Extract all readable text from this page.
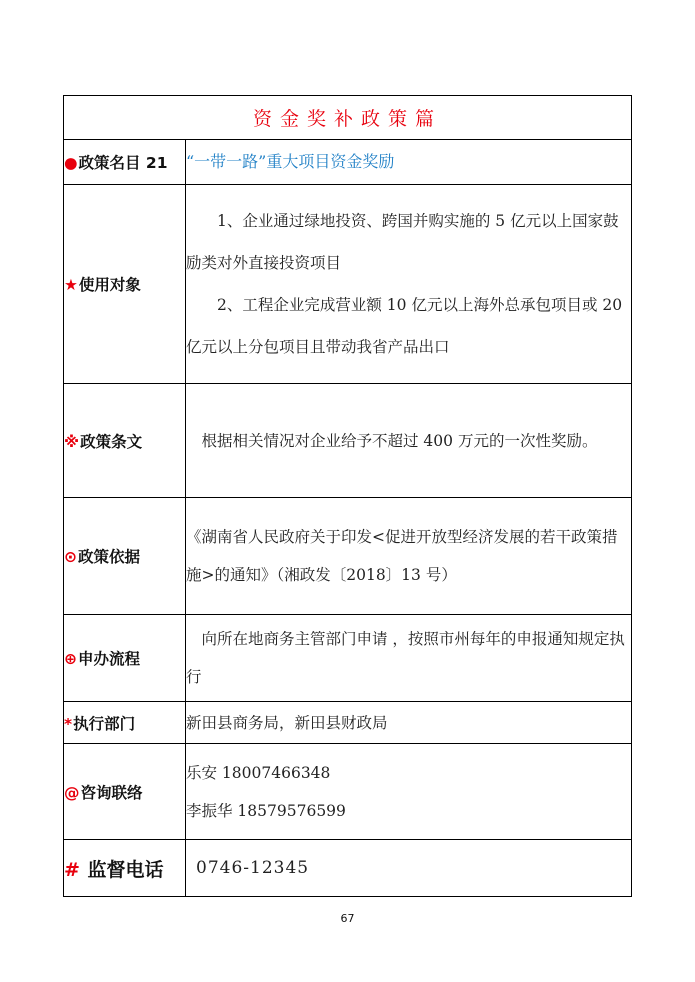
资金奖补政策篇	
●政策名目 21	“一带一路”重大项目资金奖励
★使用对象	1、企业通过绿地投资、跨国并购实施的 5 亿元以上国家鼓励类对外直接投资项目

2、工程企业完成营业额 10 亿元以上海外总承包项目或 20 亿元以上分包项目且带动我省产品出口

※政策条文	根据相关情况对企业给予不超过 400 万元的一次性奖励。

⊙政策依据	《湖南省人民政府关于印发<促进开放型经济发展的若干政策措施>的通知》（湘政发〔2018〕13 号）

⊕申办流程	向所在地商务主管部门申请 ，按照市州每年的申报通知规定执行

*执行部门	新田县商务局，新田县财政局
@咨询联络	乐安 18007466348

李振华 18579576599

# 监督电话	0746-12345
67
